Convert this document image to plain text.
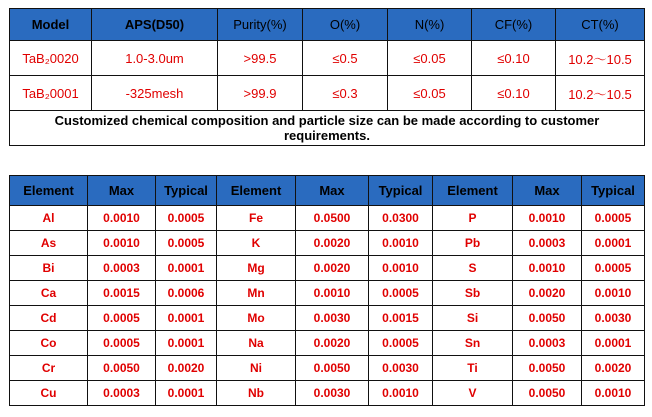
Model	APS(D50)	Purity(%)	O(%)	N(%)	CF(%)	CT(%)
TaB₂0020	1.0-3.0um	>99.5	≤0.5	≤0.05	≤0.10	10.2～10.5
TaB₂0001	-325mesh	>99.9	≤0.3	≤0.05	≤0.10	10.2～10.5
Customized chemical composition and particle size can be made according to customer requirements.						
Element	Max	Typical	Element	Max	Typical	Element	Max	Typical
Al	0.0010	0.0005	Fe	0.0500	0.0300	P	0.0010	0.0005
As	0.0010	0.0005	K	0.0020	0.0010	Pb	0.0003	0.0001
Bi	0.0003	0.0001	Mg	0.0020	0.0010	S	0.0010	0.0005
Ca	0.0015	0.0006	Mn	0.0010	0.0005	Sb	0.0020	0.0010
Cd	0.0005	0.0001	Mo	0.0030	0.0015	Si	0.0050	0.0030
Co	0.0005	0.0001	Na	0.0020	0.0005	Sn	0.0003	0.0001
Cr	0.0050	0.0020	Ni	0.0050	0.0030	Ti	0.0050	0.0020
Cu	0.0003	0.0001	Nb	0.0030	0.0010	V	0.0050	0.0010
